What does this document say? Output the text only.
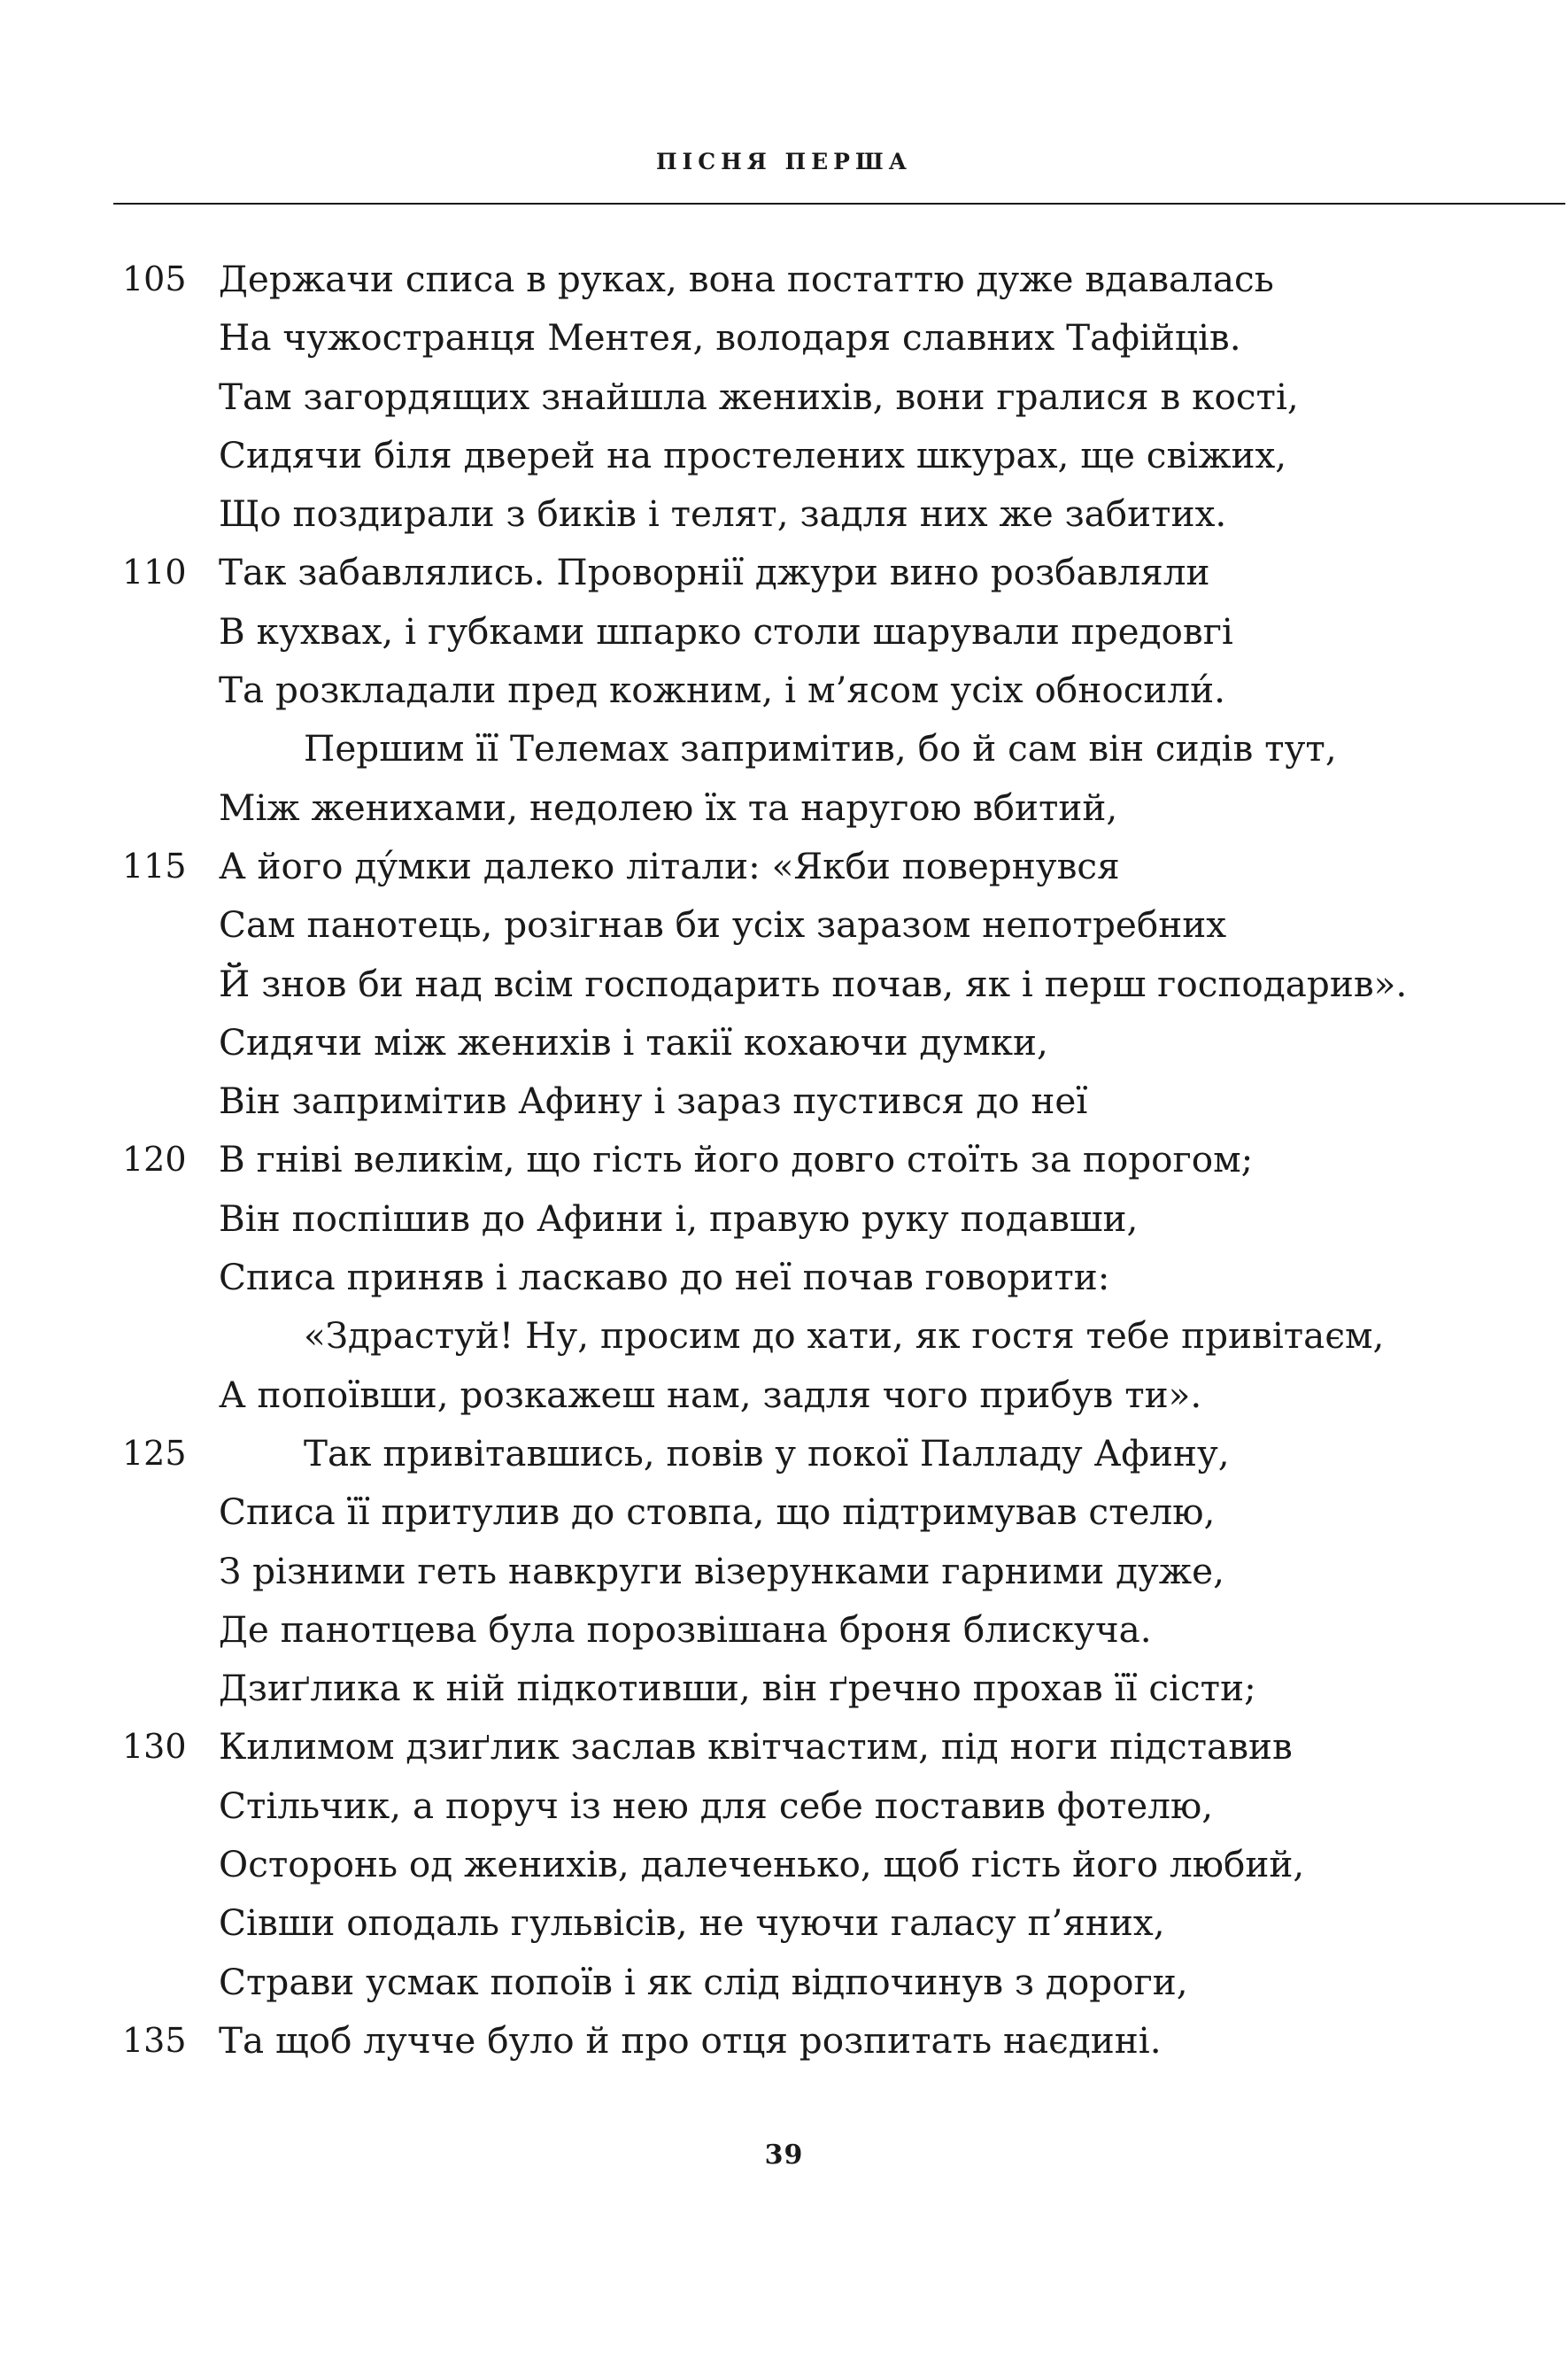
ПІСНЯ ПЕРША
105 Держачи списа в руках, вона постаттю дуже вдавалась
На чужостранця Ментея, володаря славних Тафійців.
Там загордящих знайшла женихів, вони гралися в кості,
Сидячи біля дверей на простелених шкурах, ще свіжих,
Що поздирали з биків і телят, задля них же забитих.
110 Так забавлялись. Проворнії джури вино розбавляли
В кухвах, і губками шпарко столи шарували предовгі
Та розкладали пред кожним, і м’ясом усіх обносили́.
Першим її Телемах запримітив, бо й сам він сидів тут,
Між женихами, недолею їх та наругою вбитий,
115 А його ду́мки далеко літали: «Якби повернувся
Сам панотець, розігнав би усіх заразом непотребних
Й знов би над всім господарить почав, як і перш господарив».
Сидячи між женихів і такії кохаючи думки,
Він запримітив Афину і зараз пустився до неї
120 В гніві великім, що гість його довго стоїть за порогом;
Він поспішив до Афини і, правую руку подавши,
Списа приняв і ласкаво до неї почав говорити:
«Здрастуй! Ну, просим до хати, як гостя тебе привітаєм,
А попоївши, розкажеш нам, задля чого прибув ти».
125	Так привітавшись, повів у покої Палладу Афину,
Списа її притулив до стовпа, що підтримував стелю,
З різними геть навкруги візерунками гарними дуже,
Де панотцева була порозвішана броня блискуча.
Дзиґлика к ній підкотивши, він ґречно прохав її сісти;
130 Килимом дзиґлик заслав квітчастим, під ноги підставив
Стільчик, а поруч із нею для себе поставив фотелю,
Осторонь од женихів, далеченько, щоб гість його любий,
Сівши оподаль гульвісів, не чуючи галасу п’яних,
Страви усмак попоїв і як слід відпочинув з дороги,
135 Та щоб лучче було й про отця розпитать наєдині.
39
